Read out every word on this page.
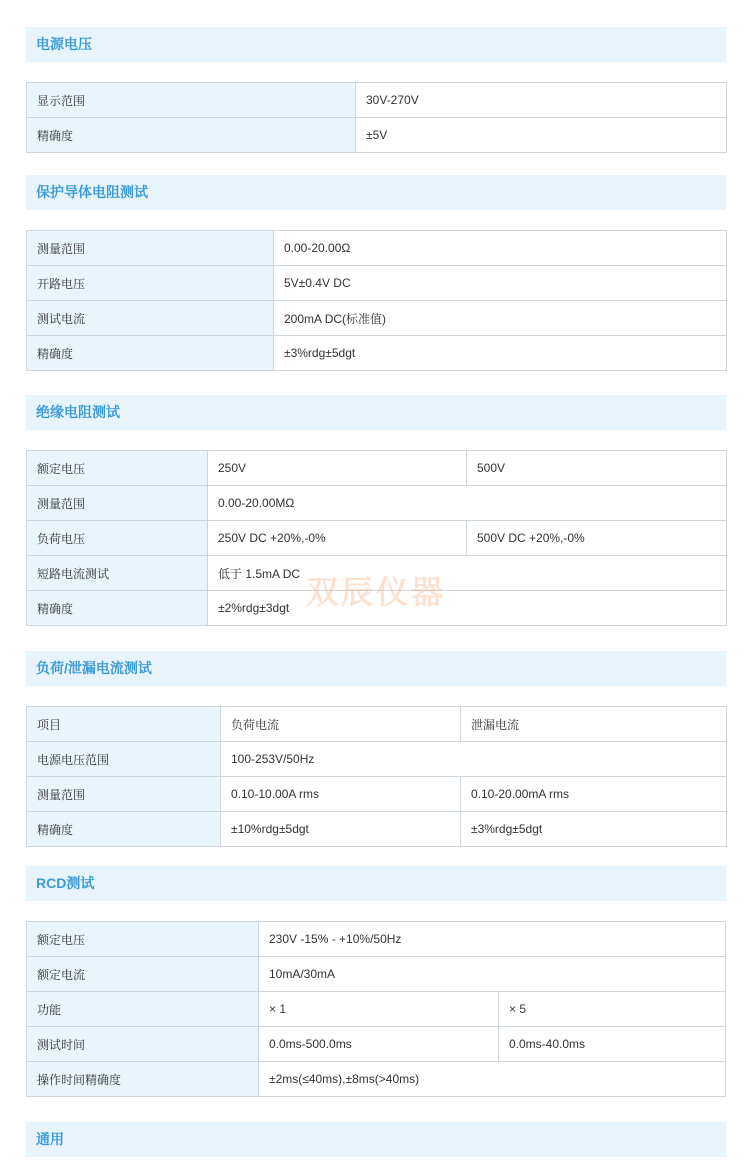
电源电压
显示范围	30V-270V
精确度	±5V
保护导体电阻测试
测量范围	0.00-20.00Ω
开路电压	5V±0.4V DC
测试电流	200mA DC(标准值)
精确度	±3%rdg±5dgt
绝缘电阻测试
额定电压	250V	500V
测量范围	0.00-20.00MΩ	
负荷电压	250V DC +20%,-0%	500V DC +20%,-0%
短路电流测试	低于 1.5mA DC	
精确度	±2%rdg±3dgt	
负荷/泄漏电流测试
项目	负荷电流	泄漏电流
电源电压范围	100-253V/50Hz	
测量范围	0.10-10.00A rms	0.10-20.00mA rms
精确度	±10%rdg±5dgt	±3%rdg±5dgt
RCD测试
额定电压	230V -15% - +10%/50Hz	
额定电流	10mA/30mA	
功能	× 1	× 5
测试时间	0.0ms-500.0ms	0.0ms-40.0ms
操作时间精确度	±2ms(≤40ms),±8ms(>40ms)	
通用
双辰仪器
